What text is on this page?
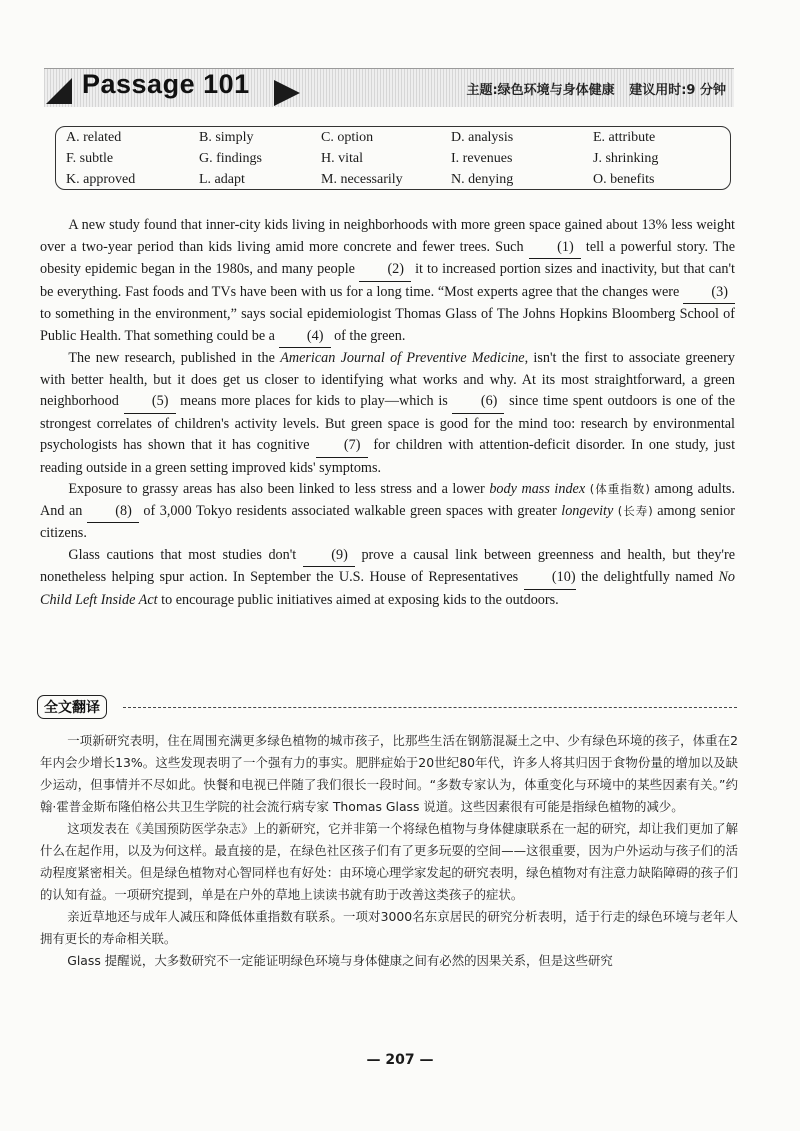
Passage 101	主题:绿色环境与身体健康 建议用时:9 分钟
A. related	B. simply	C. option	D. analysis	E. attribute
F. subtle	G. findings	H. vital	I. revenues	J. shrinking
K. approved	L. adapt	M. necessarily	N. denying	O. benefits

A new study found that inner-city kids living in neighborhoods with more green space gained about 13% less weight over a two-year period than kids living amid more concrete and fewer trees. Such (1) tell a powerful story. The obesity epidemic began in the 1980s, and many people (2) it to increased portion sizes and inactivity, but that can't be everything. Fast foods and TVs have been with us for a long time. “Most experts agree that the changes were (3) to something in the environment,” says social epidemiologist Thomas Glass of The Johns Hopkins Bloomberg School of Public Health. That something could be a (4) of the green.

The new research, published in the American Journal of Preventive Medicine, isn't the first to associate greenery with better health, but it does get us closer to identifying what works and why. At its most straightforward, a green neighborhood (5) means more places for kids to play—which is (6) since time spent outdoors is one of the strongest correlates of children's activity levels. But green space is good for the mind too: research by environmental psychologists has shown that it has cognitive (7) for children with attention-deficit disorder. In one study, just reading outside in a green setting improved kids' symptoms.

Exposure to grassy areas has also been linked to less stress and a lower body mass index (体重指数) among adults. And an (8) of 3,000 Tokyo residents associated walkable green spaces with greater longevity (长寿) among senior citizens.

Glass cautions that most studies don't (9) prove a causal link between greenness and health, but they're nonetheless helping spur action. In September the U.S. House of Representatives (10) the delightfully named No Child Left Inside Act to encourage public initiatives aimed at exposing kids to the outdoors.

全文翻译

一项新研究表明，住在周围充满更多绿色植物的城市孩子，比那些生活在钢筋混凝土之中、少有绿色环境的孩子，体重在2年内会少增长13%。这些发现表明了一个强有力的事实。肥胖症始于20世纪80年代，许多人将其归因于食物份量的增加以及缺少运动，但事情并不尽如此。快餐和电视已伴随了我们很长一段时间。“多数专家认为，体重变化与环境中的某些因素有关。”约翰·霍普金斯布隆伯格公共卫生学院的社会流行病专家 Thomas Glass 说道。这些因素很有可能是指绿色植物的减少。

这项发表在《美国预防医学杂志》上的新研究，它并非第一个将绿色植物与身体健康联系在一起的研究，却让我们更加了解什么在起作用，以及为何这样。最直接的是，在绿色社区孩子们有了更多玩耍的空间——这很重要，因为户外运动与孩子们的活动程度紧密相关。但是绿色植物对心智同样也有好处：由环境心理学家发起的研究表明，绿色植物对有注意力缺陷障碍的孩子们的认知有益。一项研究提到，单是在户外的草地上读读书就有助于改善这类孩子的症状。

亲近草地还与成年人减压和降低体重指数有联系。一项对3000名东京居民的研究分析表明，适于行走的绿色环境与老年人拥有更长的寿命相关联。

Glass 提醒说，大多数研究不一定能证明绿色环境与身体健康之间有必然的因果关系，但是这些研究

— 207 —
